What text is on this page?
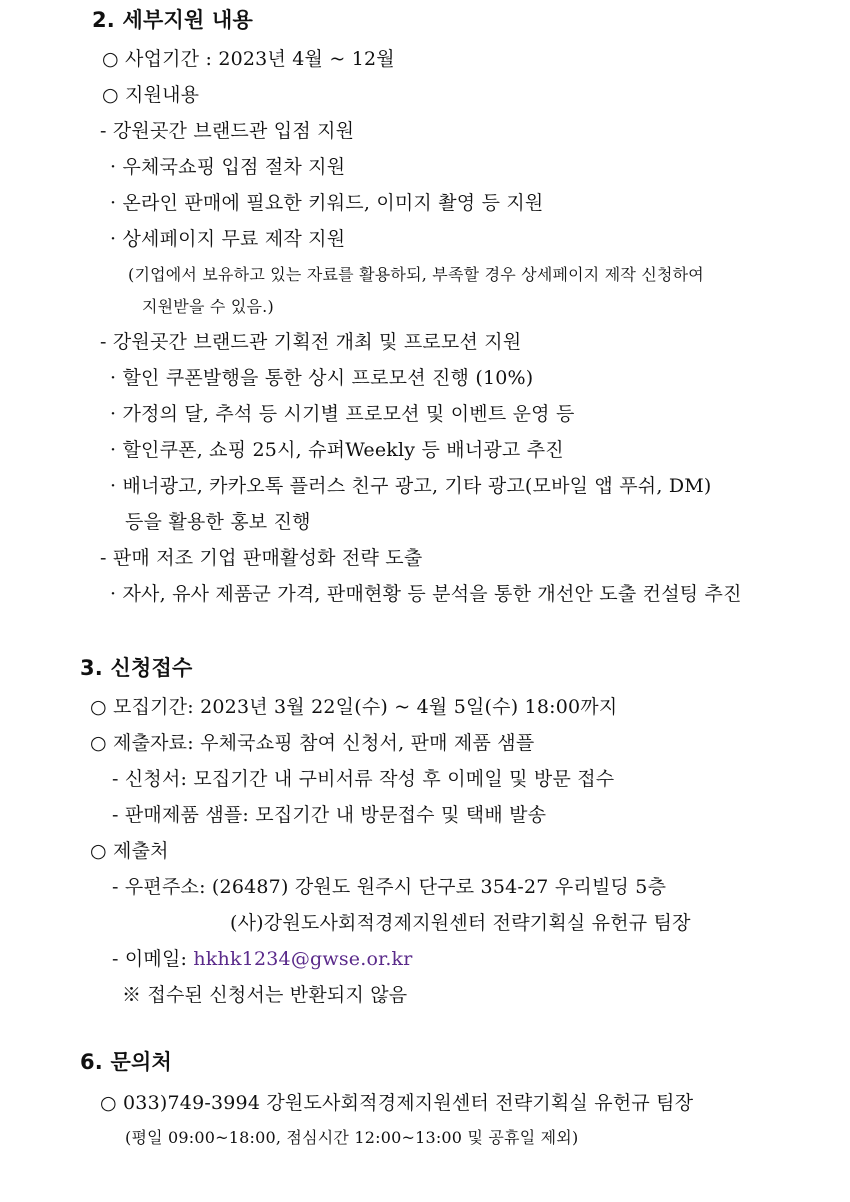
2. 세부지원 내용
○ 사업기간 : 2023년 4월 ~ 12월
○ 지원내용
- 강원곳간 브랜드관 입점 지원
· 우체국쇼핑 입점 절차 지원
· 온라인 판매에 필요한 키워드, 이미지 촬영 등 지원
· 상세페이지 무료 제작 지원
(기업에서 보유하고 있는 자료를 활용하되, 부족할 경우 상세페이지 제작 신청하여
지원받을 수 있음.)
- 강원곳간 브랜드관 기획전 개최 및 프로모션 지원
· 할인 쿠폰발행을 통한 상시 프로모션 진행 (10%)
· 가정의 달, 추석 등 시기별 프로모션 및 이벤트 운영 등
· 할인쿠폰, 쇼핑 25시, 슈퍼Weekly 등 배너광고 추진
· 배너광고, 카카오톡 플러스 친구 광고, 기타 광고(모바일 앱 푸쉬, DM)
등을 활용한 홍보 진행
- 판매 저조 기업 판매활성화 전략 도출
· 자사, 유사 제품군 가격, 판매현황 등 분석을 통한 개선안 도출 컨설팅 추진
3. 신청접수
○ 모집기간: 2023년 3월 22일(수) ~ 4월 5일(수) 18:00까지
○ 제출자료: 우체국쇼핑 참여 신청서, 판매 제품 샘플
- 신청서: 모집기간 내 구비서류 작성 후 이메일 및 방문 접수
- 판매제품 샘플: 모집기간 내 방문접수 및 택배 발송
○ 제출처
- 우편주소: (26487) 강원도 원주시 단구로 354-27 우리빌딩 5층
(사)강원도사회적경제지원센터 전략기획실 유헌규 팀장
- 이메일: hkhk1234@gwse.or.kr
※ 접수된 신청서는 반환되지 않음
6. 문의처
○ 033)749-3994 강원도사회적경제지원센터 전략기획실 유헌규 팀장
(평일 09:00~18:00, 점심시간 12:00~13:00 및 공휴일 제외)
